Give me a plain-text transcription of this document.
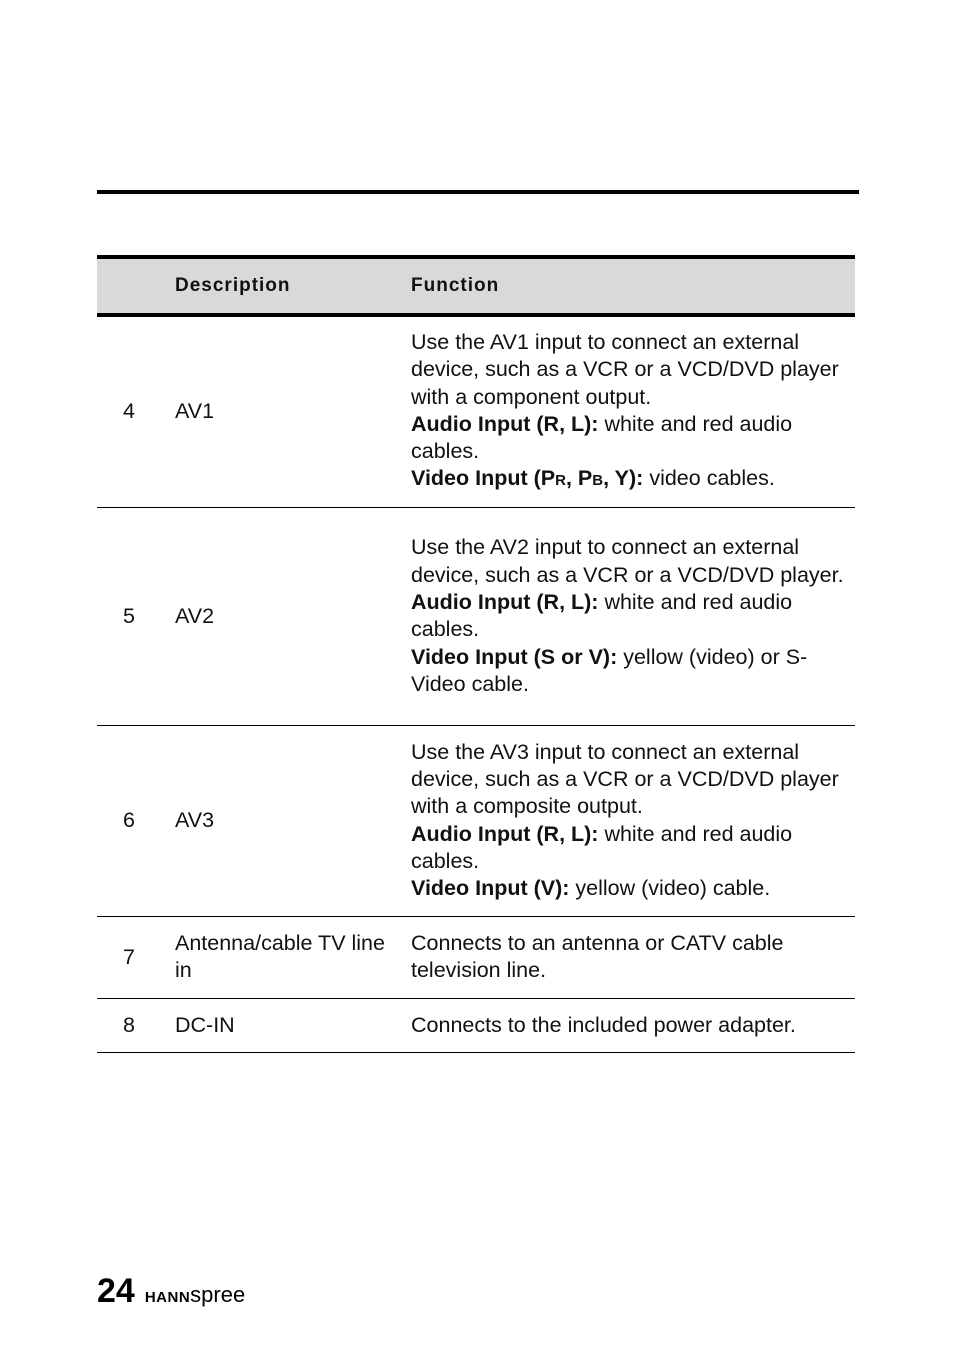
	Description	Function
4	AV1	Use the AV1 input to connect an external device, such as a VCR or a VCD/DVD player with a component output.
Audio Input (R, L): white and red audio cables.
Video Input (PR, PB, Y): video cables.

5	AV2	Use the AV2 input to connect an external device, such as a VCR or a VCD/DVD player.
Audio Input (R, L): white and red audio cables.
Video Input (S or V): yellow (video) or S-Video cable.

6	AV3	Use the AV3 input to connect an external device, such as a VCR or a VCD/DVD player with a composite output.
Audio Input (R, L): white and red audio cables.
Video Input (V): yellow (video) cable.

7	Antenna/cable TV line in	Connects to an antenna or CATV cable television line.

8	DC-IN	Connects to the included power adapter.
24 HANNspree
